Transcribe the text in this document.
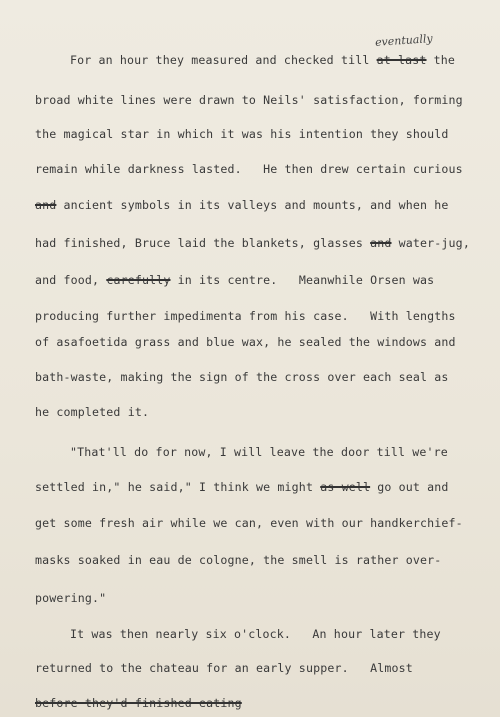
eventually
For an hour they measured and checked till at last the
broad white lines were drawn to Neils' satisfaction, forming
the magical star in which it was his intention they should
remain while darkness lasted.   He then drew certain curious
and ancient symbols in its valleys and mounts, and when he
had finished, Bruce laid the blankets, glasses and water-jug,
and food, carefully in its centre.   Meanwhile Orsen was
producing further impedimenta from his case.   With lengths
of asafoetida grass and blue wax, he sealed the windows and
bath-waste, making the sign of the cross over each seal as
he completed it.
"That'll do for now, I will leave the door till we're
settled in," he said," I think we might as well go out and
get some fresh air while we can, even with our handkerchief-
masks soaked in eau de cologne, the smell is rather over-
powering."
It was then nearly six o'clock.   An hour later they
returned to the chateau for an early supper.   Almost
before they'd finished eating
